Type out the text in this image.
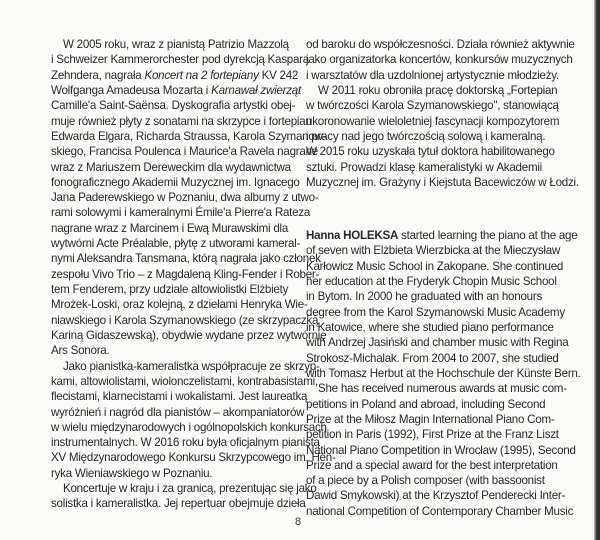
W 2005 roku, wraz z pianistą Patrizio Mazzolą
i Schweizer Kammerorchester pod dyrekcją Kaspara
Zehndera, nagrała Koncert na 2 fortepiany KV 242
Wolfganga Amadeusa Mozarta i Karnawał zwierząt
Camille'a Saint-Saënsa. Dyskografia artystki obej-
muje również płyty z sonatami na skrzypce i fortepian
Edwarda Elgara, Richarda Straussa, Karola Szymanow-
skiego, Francisa Poulenca i Maurice'a Ravela nagrane
wraz z Mariuszem Dereweckim dla wydawnictwa
fonograficznego Akademii Muzycznej im. Ignacego
Jana Paderewskiego w Poznaniu, dwa albumy z utwo-
rami solowymi i kameralnymi Émile'a Pierre'a Rateza
nagrane wraz z Marcinem i Ewą Murawskimi dla
wytwórni Acte Préalable, płytę z utworami kameral-
nymi Aleksandra Tansmana, którą nagrała jako członek
zespołu Vivo Trio – z Magdaleną Kling-Fender i Rober-
tem Fenderem, przy udziale altowiolistki Elżbiety
Mrożek-Loski, oraz kolejną, z dziełami Henryka Wie-
niawskiego i Karola Szymanowskiego (ze skrzypaczką
Kariną Gidaszewską), obydwie wydane przez wytwórnię
Ars Sonora.
Jako pianistka-kameralistka współpracuje ze skrzyp-
kami, altowiolistami, wiolonczelistami, kontrabasistami,
flecistami, klarnecistami i wokalistami. Jest laureatką
wyróżnień i nagród dla pianistów – akompaniatorów
w wielu międzynarodowych i ogólnopolskich konkursach
instrumentalnych. W 2016 roku była oficjalnym pianistą
XV Międzynarodowego Konkursu Skrzypcowego im. Hen-
ryka Wieniawskiego w Poznaniu.
Koncertuje w kraju i za granicą, prezentując się jako
solistka i kameralistka. Jej repertuar obejmuje dzieła
od baroku do współczesności. Działa również aktywnie
jako organizatorka koncertów, konkursów muzycznych
i warsztatów dla uzdolnionej artystycznie młodzieży.
W 2011 roku obroniła pracę doktorską „Fortepian
w twórczości Karola Szymanowskiego", stanowiącą
ukoronowanie wieloletniej fascynacji kompozytorem
i pracy nad jego twórczością solową i kameralną.
W 2015 roku uzyskała tytuł doktora habilitowanego
sztuki. Prowadzi klasę kameralistyki w Akademii
Muzycznej im. Grażyny i Kiejstuta Bacewiczów w Łodzi.
Hanna HOLEKSA started learning the piano at the age
of seven with Elżbieta Wierzbicka at the Mieczysław
Karłowicz Music School in Zakopane. She continued
her education at the Fryderyk Chopin Music School
in Bytom. In 2000 he graduated with an honours
degree from the Karol Szymanowski Music Academy
in Katowice, where she studied piano performance
with Andrzej Jasiński and chamber music with Regina
Strokosz-Michalak. From 2004 to 2007, she studied
with Tomasz Herbut at the Hochschule der Künste Bern.
She has received numerous awards at music com-
petitions in Poland and abroad, including Second
Prize at the Miłosz Magin International Piano Com-
petition in Paris (1992), First Prize at the Franz Liszt
National Piano Competition in Wrocław (1995), Second
Prize and a special award for the best interpretation
of a piece by a Polish composer (with bassoonist
Dawid Smykowski) at the Krzysztof Penderecki Inter-
national Competition of Contemporary Chamber Music
8
